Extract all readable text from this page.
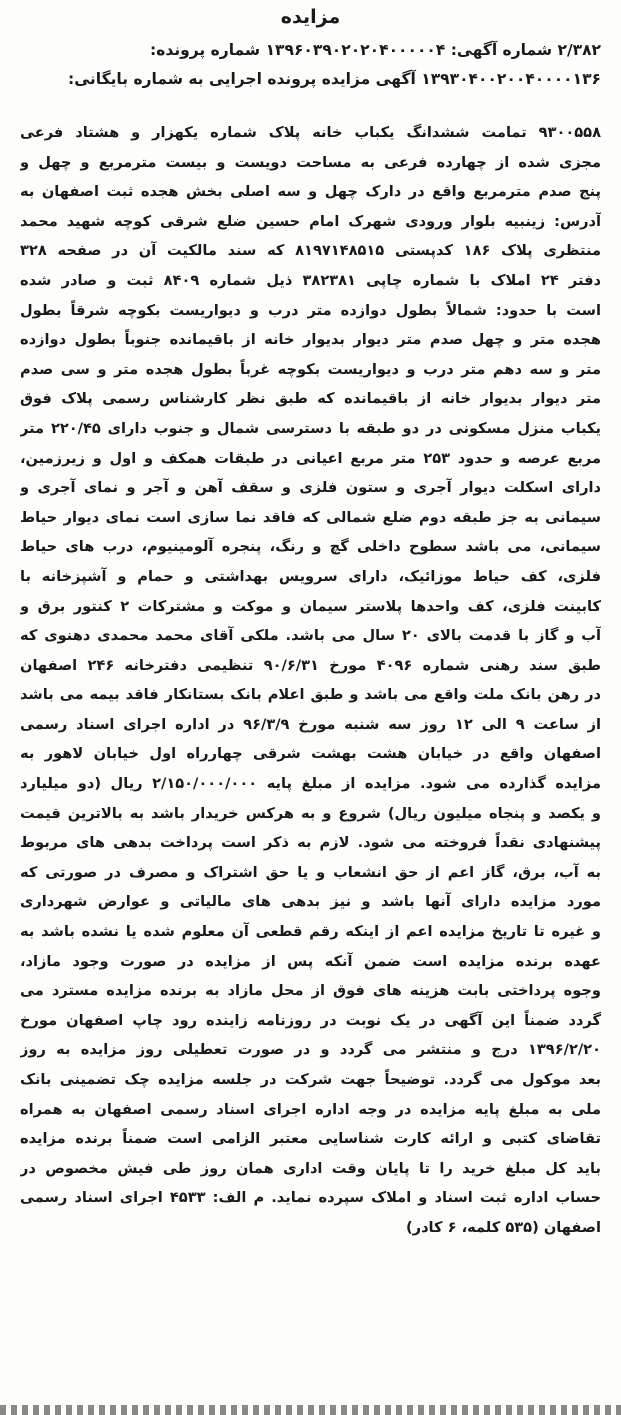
مزایده

۲/۳۸۲ شماره آگهی: ۱۳۹۶۰۳۹۰۲۰۲۰۴۰۰۰۰۰۴ شماره پرونده:

۱۳۹۳۰۴۰۰۲۰۰۴۰۰۰۰۱۳۶ آگهی مزایده پرونده اجرایی به شماره بایگانی:

۹۳۰۰۵۵۸ تمامت ششدانگ یکباب خانه پلاک شماره یکهزار و هشتاد فرعی

مجزی شده از چهارده فرعی به مساحت دویست و بیست مترمربع و چهل و

پنج صدم مترمربع واقع در دارک چهل و سه اصلی بخش هجده ثبت اصفهان به

آدرس: زینبیه بلوار ورودی شهرک امام حسین ضلع شرقی کوچه شهید محمد

منتظری پلاک ۱۸۶ کدپستی ۸۱۹۷۱۴۸۵۱۵ که سند مالکیت آن در صفحه ۳۲۸

دفتر ۲۴ املاک با شماره چاپی ۳۸۲۳۸۱ ذیل شماره ۸۴۰۹ ثبت و صادر شده

است با حدود: شمالاً بطول دوازده متر درب و دیواریست بکوچه شرقاً بطول

هجده متر و چهل صدم متر دیوار بدیوار خانه از باقیمانده جنوباً بطول دوازده

متر و سه دهم متر درب و دیواریست بکوچه غرباً بطول هجده متر و سی صدم

متر دیوار بدیوار خانه از باقیمانده که طبق نظر کارشناس رسمی پلاک فوق

یکباب منزل مسکونی در دو طبقه با دسترسی شمال و جنوب دارای ۲۲۰/۴۵ متر

مربع عرصه و حدود ۲۵۳ متر مربع اعیانی در طبقات همکف و اول و زیرزمین،

دارای اسکلت دیوار آجری و ستون فلزی و سقف آهن و آجر و نمای آجری و

سیمانی به جز طبقه دوم ضلع شمالی که فاقد نما سازی است نمای دیوار حیاط

سیمانی، می باشد سطوح داخلی گچ و رنگ، پنجره آلومینیوم، درب های حیاط

فلزی، کف حیاط موزائیک، دارای سرویس بهداشتی و حمام و آشپزخانه با

کابینت فلزی، کف واحدها پلاستر سیمان و موکت و مشترکات ۲ کنتور برق و

آب و گاز با قدمت بالای ۲۰ سال می باشد. ملکی آقای محمد محمدی دهنوی که

طبق سند رهنی شماره ۴۰۹۶ مورخ ۹۰/۶/۳۱ تنظیمی دفترخانه ۲۴۶ اصفهان

در رهن بانک ملت واقع می باشد و طبق اعلام بانک بستانکار فاقد بیمه می باشد

از ساعت ۹ الی ۱۲ روز سه شنبه مورخ ۹۶/۳/۹ در اداره اجرای اسناد رسمی

اصفهان واقع در خیابان هشت بهشت شرقی چهارراه اول خیابان لاهور به

مزایده گذارده می شود. مزایده از مبلغ پایه ۲/۱۵۰/۰۰۰/۰۰۰ ریال (دو میلیارد

و یکصد و پنجاه میلیون ریال) شروع و به هرکس خریدار باشد به بالاترین قیمت

پیشنهادی نقداً فروخته می شود. لازم به ذکر است پرداخت بدهی های مربوط

به آب، برق، گاز اعم از حق انشعاب و یا حق اشتراک و مصرف در صورتی که

مورد مزایده دارای آنها باشد و نیز بدهی های مالیاتی و عوارض شهرداری

و غیره تا تاریخ مزایده اعم از اینکه رقم قطعی آن معلوم شده یا نشده باشد به

عهده برنده مزایده است ضمن آنکه پس از مزایده در صورت وجود مازاد،

وجوه پرداختی بابت هزینه های فوق از محل مازاد به برنده مزایده مسترد می

گردد ضمناً این آگهی در یک نوبت در روزنامه زاینده رود چاپ اصفهان مورخ

۱۳۹۶/۲/۲۰ درج و منتشر می گردد و در صورت تعطیلی روز مزایده به روز

بعد موکول می گردد. توضیحاً جهت شرکت در جلسه مزایده چک تضمینی بانک

ملی به مبلغ پایه مزایده در وجه اداره اجرای اسناد رسمی اصفهان به همراه

تقاضای کتبی و ارائه کارت شناسایی معتبر الزامی است ضمناً برنده مزایده

باید کل مبلغ خرید را تا پایان وقت اداری همان روز طی فیش مخصوص در

حساب اداره ثبت اسناد و املاک سپرده نماید. م الف: ۴۵۳۳ اجرای اسناد رسمی

اصفهان (۵۳۵ کلمه، ۶ کادر)
